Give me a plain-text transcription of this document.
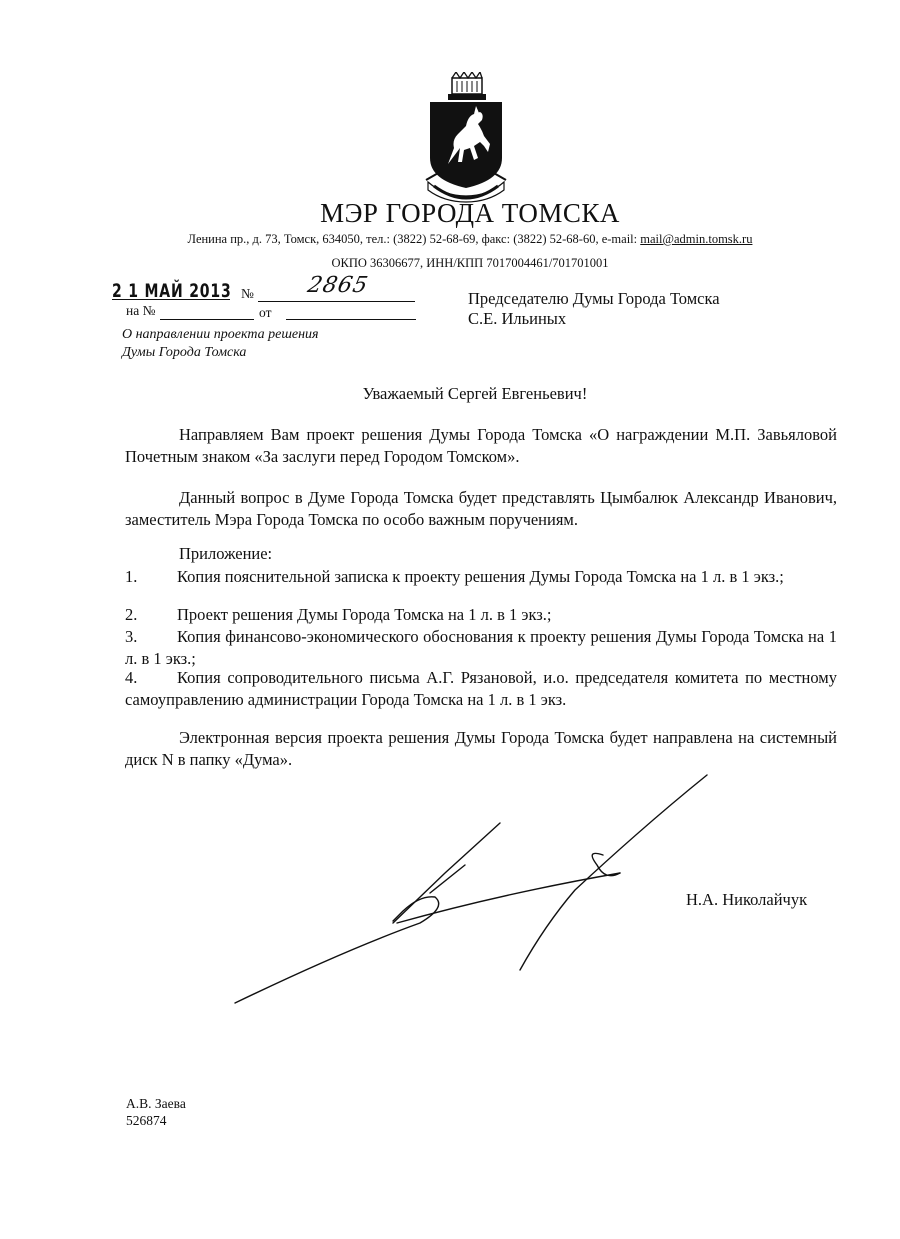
МЭР ГОРОДА ТОМСКА
Ленина пр., д. 73, Томск, 634050, тел.: (3822) 52-68-69, факс: (3822) 52-68-60, e-mail: mail@admin.tomsk.ru
ОКПО 36306677, ИНН/КПП 7017004461/701701001
2 1 МАЙ 2013 № 2865
на №	от
О направлении проекта решения
Думы Города Томска
Председателю Думы Города Томска
С.Е. Ильиных
Уважаемый Сергей Евгеньевич!
Направляем Вам проект решения Думы Города Томска «О награждении М.П. Завьяловой Почетным знаком «За заслуги перед Городом Томском».
Данный вопрос в Думе Города Томска будет представлять Цымбалюк Александр Иванович, заместитель Мэра Города Томска по особо важным поручениям.
Приложение:
1. Копия пояснительной записка к проекту решения Думы Города Томска на 1 л. в 1 экз.;
2. Проект решения Думы Города Томска на 1 л. в 1 экз.;
3. Копия финансово-экономического обоснования к проекту решения Думы Города Томска на 1 л. в 1 экз.;
4. Копия сопроводительного письма А.Г. Рязановой, и.о. председателя комитета по местному самоуправлению администрации Города Томска на 1 л. в 1 экз.
Электронная версия проекта решения Думы Города Томска будет направлена на системный диск N в папку «Дума».
Н.А. Николайчук
А.В. Заева
526874
